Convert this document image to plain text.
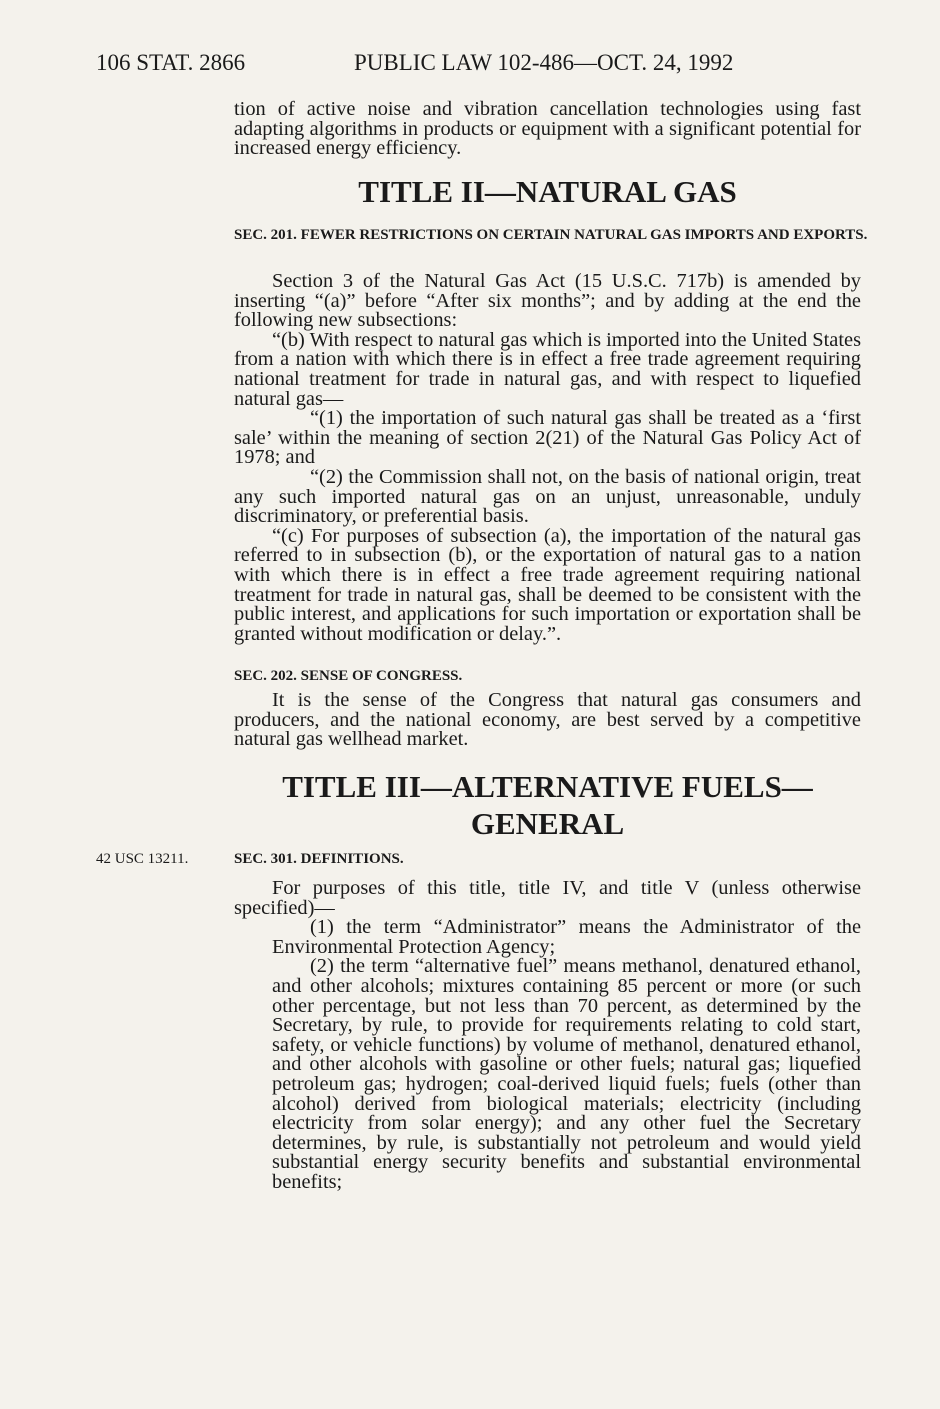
106 STAT. 2866	PUBLIC LAW 102-486—OCT. 24, 1992

tion of active noise and vibration cancellation technologies using fast adapting algorithms in products or equipment with a significant potential for increased energy efficiency.

TITLE II—NATURAL GAS
SEC. 201. FEWER RESTRICTIONS ON CERTAIN NATURAL GAS IMPORTS AND EXPORTS.

Section 3 of the Natural Gas Act (15 U.S.C. 717b) is amended by inserting “(a)” before “After six months”; and by adding at the end the following new subsections:

“(b) With respect to natural gas which is imported into the United States from a nation with which there is in effect a free trade agreement requiring national treatment for trade in natural gas, and with respect to liquefied natural gas—

“(1) the importation of such natural gas shall be treated as a ‘first sale’ within the meaning of section 2(21) of the Natural Gas Policy Act of 1978; and

“(2) the Commission shall not, on the basis of national origin, treat any such imported natural gas on an unjust, unreasonable, unduly discriminatory, or preferential basis.

“(c) For purposes of subsection (a), the importation of the natural gas referred to in subsection (b), or the exportation of natural gas to a nation with which there is in effect a free trade agreement requiring national treatment for trade in natural gas, shall be deemed to be consistent with the public interest, and applications for such importation or exportation shall be granted without modification or delay.”.

SEC. 202. SENSE OF CONGRESS.

It is the sense of the Congress that natural gas consumers and producers, and the national economy, are best served by a competitive natural gas wellhead market.

TITLE III—ALTERNATIVE FUELS—
GENERAL
42 USC 13211.	SEC. 301. DEFINITIONS.

For purposes of this title, title IV, and title V (unless otherwise specified)—

(1) the term “Administrator” means the Administrator of the Environmental Protection Agency;

(2) the term “alternative fuel” means methanol, denatured ethanol, and other alcohols; mixtures containing 85 percent or more (or such other percentage, but not less than 70 percent, as determined by the Secretary, by rule, to provide for requirements relating to cold start, safety, or vehicle functions) by volume of methanol, denatured ethanol, and other alcohols with gasoline or other fuels; natural gas; liquefied petroleum gas; hydrogen; coal-derived liquid fuels; fuels (other than alcohol) derived from biological materials; electricity (including electricity from solar energy); and any other fuel the Secretary determines, by rule, is substantially not petroleum and would yield substantial energy security benefits and substantial environmental benefits;
